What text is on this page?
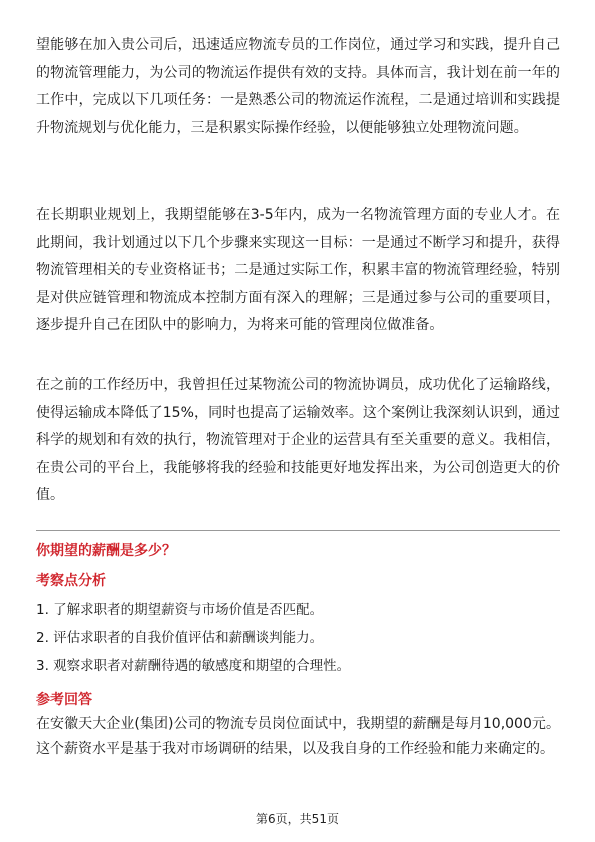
望能够在加入贵公司后，迅速适应物流专员的工作岗位，通过学习和实践，提升自己的物流管理能力，为公司的物流运作提供有效的支持。具体而言，我计划在前一年的工作中，完成以下几项任务：一是熟悉公司的物流运作流程，二是通过培训和实践提升物流规划与优化能力，三是积累实际操作经验，以便能够独立处理物流问题。

在长期职业规划上，我期望能够在3-5年内，成为一名物流管理方面的专业人才。在此期间，我计划通过以下几个步骤来实现这一目标：一是通过不断学习和提升，获得物流管理相关的专业资格证书；二是通过实际工作，积累丰富的物流管理经验，特别是对供应链管理和物流成本控制方面有深入的理解；三是通过参与公司的重要项目，逐步提升自己在团队中的影响力，为将来可能的管理岗位做准备。

在之前的工作经历中，我曾担任过某物流公司的物流协调员，成功优化了运输路线，使得运输成本降低了15%，同时也提高了运输效率。这个案例让我深刻认识到，通过科学的规划和有效的执行，物流管理对于企业的运营具有至关重要的意义。我相信，在贵公司的平台上，我能够将我的经验和技能更好地发挥出来，为公司创造更大的价值。

你期望的薪酬是多少？

考察点分析

1. 了解求职者的期望薪资与市场价值是否匹配。

2. 评估求职者的自我价值评估和薪酬谈判能力。

3. 观察求职者对薪酬待遇的敏感度和期望的合理性。

参考回答

在安徽天大企业(集团)公司的物流专员岗位面试中，我期望的薪酬是每月10,000元。这个薪资水平是基于我对市场调研的结果，以及我自身的工作经验和能力来确定的。

第6页，共51页
